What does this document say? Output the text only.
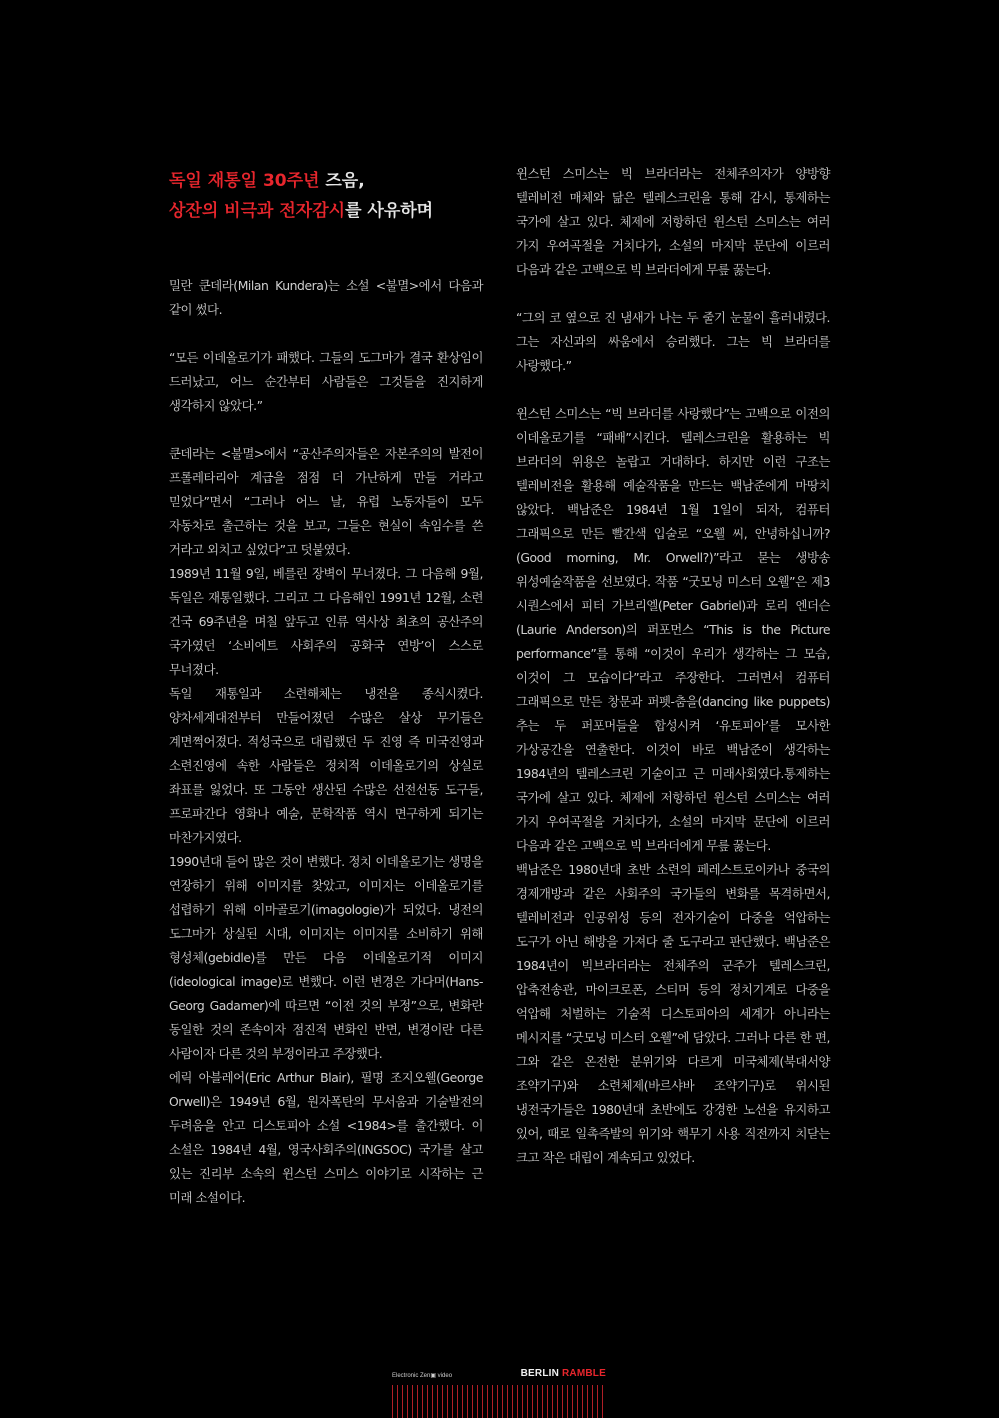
독일 재통일 30주년 즈음,
상잔의 비극과 전자감시를 사유하며

밀란 쿤데라(Milan Kundera)는 소설 <불멸>에서 다음과 같이 썼다.

“모든 이데올로기가 패했다. 그들의 도그마가 결국 환상임이 드러났고, 어느 순간부터 사람들은 그것들을 진지하게 생각하지 않았다.”

쿤데라는 <불멸>에서 “공산주의자들은 자본주의의 발전이 프롤레타리아 계급을 점점 더 가난하게 만들 거라고 믿었다”면서 “그러나 어느 날, 유럽 노동자들이 모두 자동차로 출근하는 것을 보고, 그들은 현실이 속임수를 쓴 거라고 외치고 싶었다”고 덧붙였다.

1989년 11월 9일, 베를린 장벽이 무너졌다. 그 다음해 9월, 독일은 재통일했다. 그리고 그 다음해인 1991년 12월, 소련 건국 69주년을 며칠 앞두고 인류 역사상 최초의 공산주의 국가였던 ‘소비에트 사회주의 공화국 연방’이 스스로 무너졌다.

독일 재통일과 소련해체는 냉전을 종식시켰다. 양차세계대전부터 만들어졌던 수많은 살상 무기들은 계면쩍어졌다. 적성국으로 대립했던 두 진영 즉 미국진영과 소련진영에 속한 사람들은 정치적 이데올로기의 상실로 좌표를 잃었다. 또 그동안 생산된 수많은 선전선동 도구들, 프로파간다 영화나 예술, 문학작품 역시 면구하게 되기는 마찬가지였다.

1990년대 들어 많은 것이 변했다. 정치 이데올로기는 생명을 연장하기 위해 이미지를 찾았고, 이미지는 이데올로기를 섭렵하기 위해 이마골로기(imagologie)가 되었다. 냉전의 도그마가 상실된 시대, 이미지는 이미지를 소비하기 위해 형성체(gebidle)를 만든 다음 이데올로기적 이미지(ideological image)로 변했다. 이런 변경은 가다머(Hans-Georg Gadamer)에 따르면 “이전 것의 부정”으로, 변화란 동일한 것의 존속이자 점진적 변화인 반면, 변경이란 다른 사람이자 다른 것의 부정이라고 주장했다.

에릭 아블레어(Eric Arthur Blair), 필명 조지오웰(George Orwell)은 1949년 6월, 원자폭탄의 무서움과 기술발전의 두려움을 안고 디스토피아 소설 <1984>를 출간했다. 이 소설은 1984년 4월, 영국사회주의(INGSOC) 국가를 살고 있는 진리부 소속의 윈스턴 스미스 이야기로 시작하는 근 미래 소설이다.

윈스턴 스미스는 빅 브라더라는 전체주의자가 양방향 텔레비전 매체와 닮은 텔레스크린을 통해 감시, 통제하는 국가에 살고 있다. 체제에 저항하던 윈스턴 스미스는 여러 가지 우여곡절을 거치다가, 소설의 마지막 문단에 이르러 다음과 같은 고백으로 빅 브라더에게 무릎 꿇는다.

“그의 코 옆으로 진 냄새가 나는 두 줄기 눈물이 흘러내렸다. 그는 자신과의 싸움에서 승리했다. 그는 빅 브라더를 사랑했다.”

윈스턴 스미스는 “빅 브라더를 사랑했다”는 고백으로 이전의 이데올로기를 “패배”시킨다. 텔레스크린을 활용하는 빅 브라더의 위용은 놀랍고 거대하다. 하지만 이런 구조는 텔레비전을 활용해 예술작품을 만드는 백남준에게 마땅치 않았다. 백남준은 1984년 1월 1일이 되자, 컴퓨터 그래픽으로 만든 빨간색 입술로 “오웰 씨, 안녕하십니까?(Good morning, Mr. Orwell?)”라고 묻는 생방송 위성예술작품을 선보였다. 작품 “굿모닝 미스터 오웰”은 제3 시퀀스에서 피터 가브리엘(Peter Gabriel)과 로리 엔더슨(Laurie Anderson)의 퍼포먼스 “This is the Picture performance”를 통해 “이것이 우리가 생각하는 그 모습, 이것이 그 모습이다”라고 주장한다. 그러면서 컴퓨터 그래픽으로 만든 창문과 퍼펫-춤을(dancing like puppets) 추는 두 퍼포머들을 합성시켜 ‘유토피아’를 모사한 가상공간을 연출한다. 이것이 바로 백남준이 생각하는 1984년의 텔레스크린 기술이고 근 미래사회였다.통제하는 국가에 살고 있다. 체제에 저항하던 윈스턴 스미스는 여러 가지 우여곡절을 거치다가, 소설의 마지막 문단에 이르러 다음과 같은 고백으로 빅 브라더에게 무릎 꿇는다.

백남준은 1980년대 초반 소련의 페레스트로이카나 중국의 경제개방과 같은 사회주의 국가들의 변화를 목격하면서, 텔레비전과 인공위성 등의 전자기술이 다중을 억압하는 도구가 아닌 해방을 가져다 줄 도구라고 판단했다. 백남준은 1984년이 빅브라더라는 전체주의 군주가 텔레스크린, 압축전송관, 마이크로폰, 스티머 등의 정치기계로 다중을 억압해 처벌하는 기술적 디스토피아의 세계가 아니라는 메시지를 “굿모닝 미스터 오웰”에 담았다. 그러나 다른 한 편, 그와 같은 온전한 분위기와 다르게 미국체제(북대서양 조약기구)와 소련체제(바르샤바 조약기구)로 위시된 냉전국가들은 1980년대 초반에도 강경한 노선을 유지하고 있어, 때로 일촉즉발의 위기와 핵무기 사용 직전까지 치닫는 크고 작은 대립이 계속되고 있었다.

Electronic Zen▣ video	BERLIN RAMBLE
